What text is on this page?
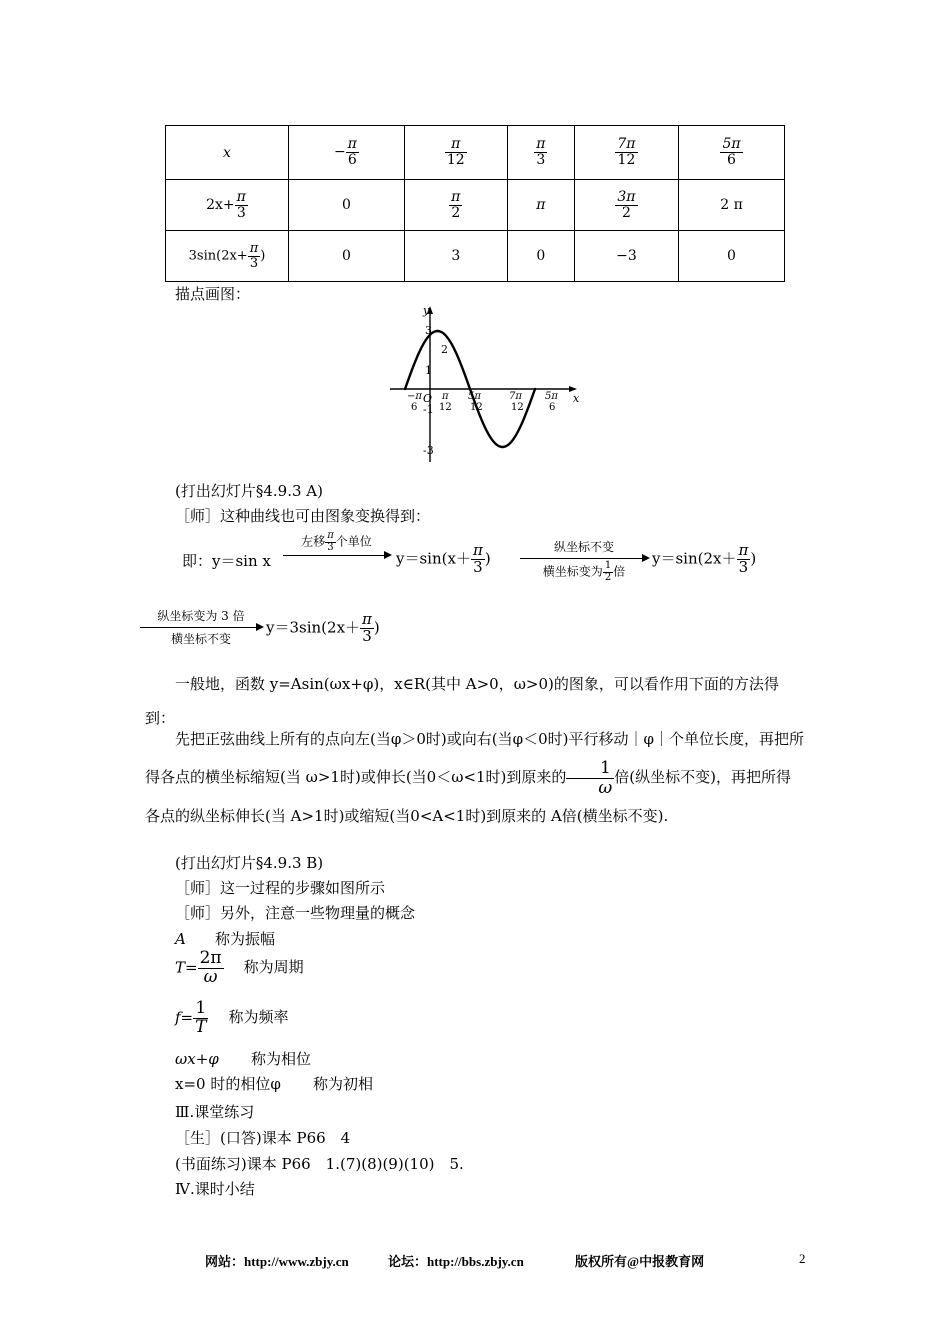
x	− $\frac{\pi}{6}$	$\frac{\pi}{12}$	$\frac{\pi}{3}$	$\frac{7\pi}{12}$	$\frac{5\pi}{6}$

$2x+ \frac{\pi}{3}$	0	$\frac{\pi}{2}$	π	$\frac{3\pi}{2}$	2 π
$3\sin(2x+ \frac{\pi}{3}$ )	0	3	0	−3	0
描点画图：
y
x
O
3
2
1
-1
-3
−π
6
π
12
5π
12
7π
12
5π
6
(打出幻灯片§4.9.3 A)
［师］这种曲线也可由图象变换得到：
即：y＝sin x
左移 $\frac{\pi}{3}$ 个单位
$y=\sin(x+ \frac{\pi}{3}$ )
纵坐标不变
横坐标变为 $\frac{1}{2}$ 倍
$y=\sin(2x+ \frac{\pi}{3}$ )
纵坐标变为 3 倍
横坐标不变
$y=3\sin(2x+ \frac{\pi}{3}$ )
一般地，函数 y=Asin(ωx+φ)，x∈R(其中 A>0，ω>0)的图象，可以看作用下面的方法得到：
先把正弦曲线上所有的点向左(当φ＞0时)或向右(当φ＜0时)平行移动｜φ｜个单位长度，再把所得各点的横坐标缩短(当 ω>1时)或伸长(当0＜ω<1时)到原来的 $\frac{1}{\omega}$ 倍(纵坐标不变)，再把所得各点的纵坐标伸长(当 A>1时)或缩短(当0<A<1时)到原来的 A倍(横坐标不变).
(打出幻灯片§4.9.3 B)
［师］这一过程的步骤如图所示
［师］另外，注意一些物理量的概念
A 称为振幅
$T= \frac{2\pi}{\omega}$ 称为周期
$f= \frac{1}{T}$ 称为频率
ωx+φ 称为相位
x=0 时的相位φ 称为初相
Ⅲ.课堂练习
［生］(口答)课本 P66　4
(书面练习)课本 P66　1.(7)(8)(9)(10)　5.
Ⅳ.课时小结
网站：http://www.zbjy.cn	论坛：http://bbs.zbjy.cn	版权所有@中报教育网	2
